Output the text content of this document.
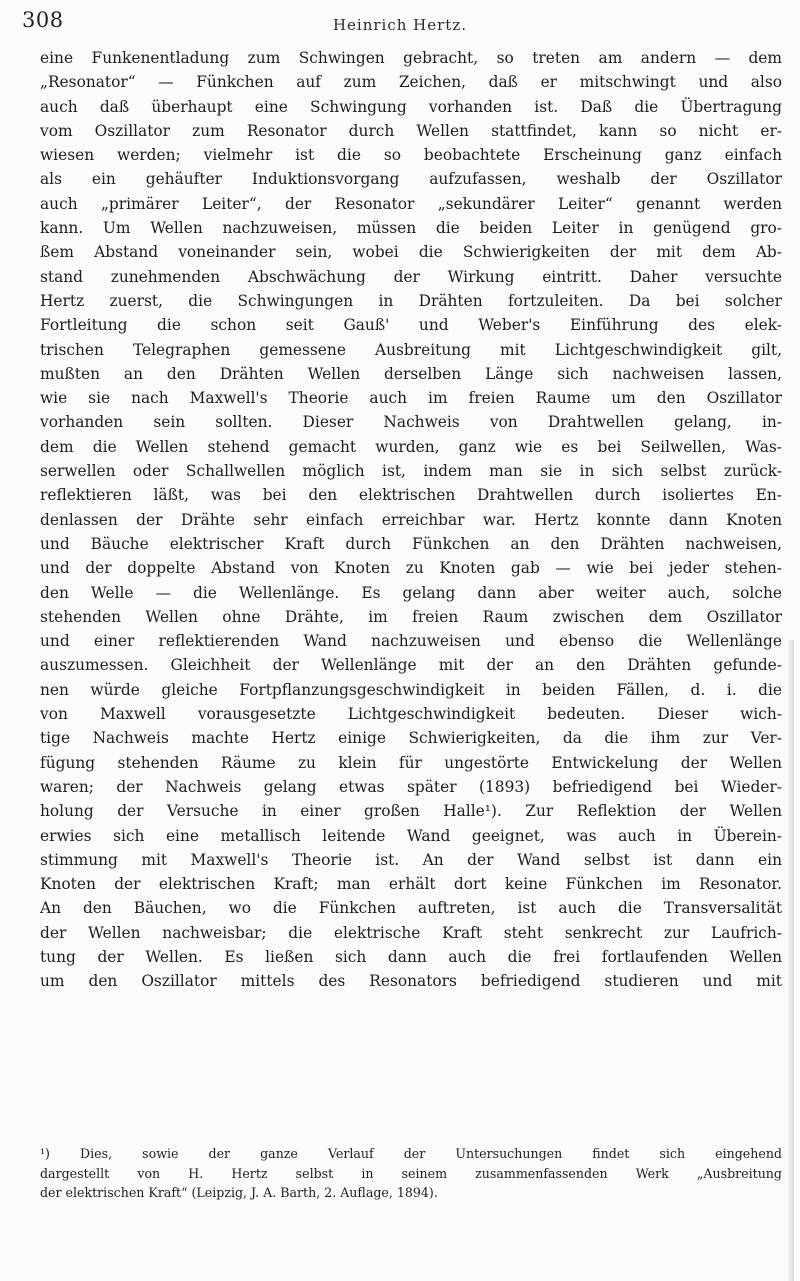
308	Heinrich Hertz.
eine Funkenentladung zum Schwingen gebracht, so treten am andern — dem
„Resonator“ — Fünkchen auf zum Zeichen, daß er mitschwingt und also
auch daß überhaupt eine Schwingung vorhanden ist. Daß die Übertragung
vom Oszillator zum Resonator durch Wellen stattfindet, kann so nicht er-
wiesen werden; vielmehr ist die so beobachtete Erscheinung ganz einfach
als ein gehäufter Induktionsvorgang aufzufassen, weshalb der Oszillator
auch „primärer Leiter“, der Resonator „sekundärer Leiter“ genannt werden
kann. Um Wellen nachzuweisen, müssen die beiden Leiter in genügend gro-
ßem Abstand voneinander sein, wobei die Schwierigkeiten der mit dem Ab-
stand zunehmenden Abschwächung der Wirkung eintritt. Daher versuchte
Hertz zuerst, die Schwingungen in Drähten fortzuleiten. Da bei solcher
Fortleitung die schon seit Gauß' und Weber's Einführung des elek-
trischen Telegraphen gemessene Ausbreitung mit Lichtgeschwindigkeit gilt,
mußten an den Drähten Wellen derselben Länge sich nachweisen lassen,
wie sie nach Maxwell's Theorie auch im freien Raume um den Oszillator
vorhanden sein sollten. Dieser Nachweis von Drahtwellen gelang, in-
dem die Wellen stehend gemacht wurden, ganz wie es bei Seilwellen, Was-
serwellen oder Schallwellen möglich ist, indem man sie in sich selbst zurück-
reflektieren läßt, was bei den elektrischen Drahtwellen durch isoliertes En-
denlassen der Drähte sehr einfach erreichbar war. Hertz konnte dann Knoten
und Bäuche elektrischer Kraft durch Fünkchen an den Drähten nachweisen,
und der doppelte Abstand von Knoten zu Knoten gab — wie bei jeder stehen-
den Welle — die Wellenlänge. Es gelang dann aber weiter auch, solche
stehenden Wellen ohne Drähte, im freien Raum zwischen dem Oszillator
und einer reflektierenden Wand nachzuweisen und ebenso die Wellenlänge
auszumessen. Gleichheit der Wellenlänge mit der an den Drähten gefunde-
nen würde gleiche Fortpflanzungsgeschwindigkeit in beiden Fällen, d. i. die
von Maxwell vorausgesetzte Lichtgeschwindigkeit bedeuten. Dieser wich-
tige Nachweis machte Hertz einige Schwierigkeiten, da die ihm zur Ver-
fügung stehenden Räume zu klein für ungestörte Entwickelung der Wellen
waren; der Nachweis gelang etwas später (1893) befriedigend bei Wieder-
holung der Versuche in einer großen Halle¹). Zur Reflektion der Wellen
erwies sich eine metallisch leitende Wand geeignet, was auch in Überein-
stimmung mit Maxwell's Theorie ist. An der Wand selbst ist dann ein
Knoten der elektrischen Kraft; man erhält dort keine Fünkchen im Resonator.
An den Bäuchen, wo die Fünkchen auftreten, ist auch die Transversalität
der Wellen nachweisbar; die elektrische Kraft steht senkrecht zur Laufrich-
tung der Wellen. Es ließen sich dann auch die frei fortlaufenden Wellen
um den Oszillator mittels des Resonators befriedigend studieren und mit
¹) Dies, sowie der ganze Verlauf der Untersuchungen findet sich eingehend
dargestellt von H. Hertz selbst in seinem zusammenfassenden Werk „Ausbreitung
der elektrischen Kraft“ (Leipzig, J. A. Barth, 2. Auflage, 1894).
